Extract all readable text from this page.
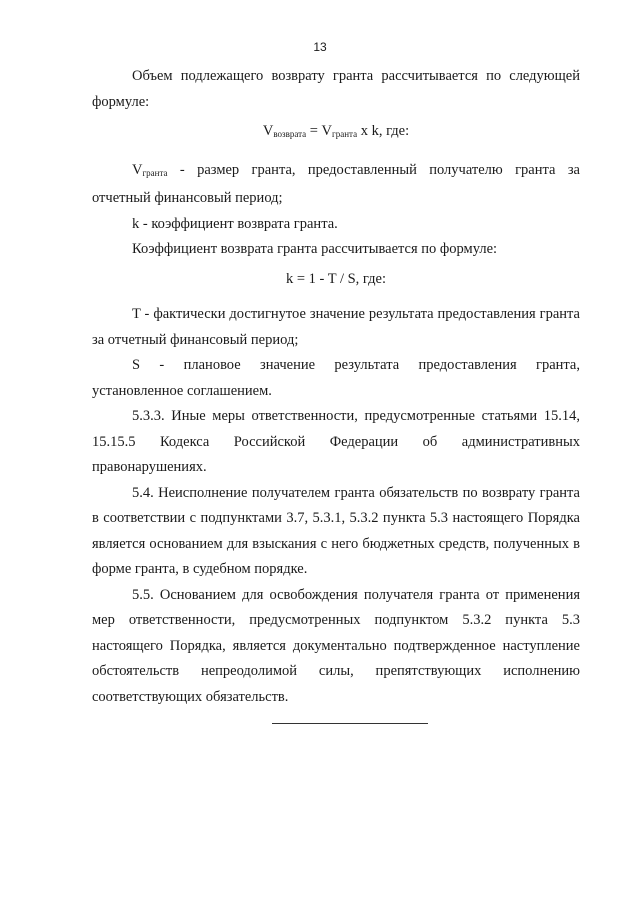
13

Объем подлежащего возврату гранта рассчитывается по следующей формуле:

$V_{возврата} = V_{гранта}$ x k, где:

$V_{гранта}$ - размер гранта, предоставленный получателю гранта за отчетный финансовый период;

k - коэффициент возврата гранта.

Коэффициент возврата гранта рассчитывается по формуле:

k = 1 - T / S, где:

T - фактически достигнутое значение результата предоставления гранта за отчетный финансовый период;

S - плановое значение результата предоставления гранта, установленное соглашением.

5.3.3. Иные меры ответственности, предусмотренные статьями 15.14, 15.15.5 Кодекса Российской Федерации об административных правонарушениях.

5.4. Неисполнение получателем гранта обязательств по возврату гранта в соответствии с подпунктами 3.7, 5.3.1, 5.3.2 пункта 5.3 настоящего Порядка является основанием для взыскания с него бюджетных средств, полученных в форме гранта, в судебном порядке.

5.5. Основанием для освобождения получателя гранта от применения мер ответственности, предусмотренных подпунктом 5.3.2 пункта 5.3 настоящего Порядка, является документально подтвержденное наступление обстоятельств непреодолимой силы, препятствующих исполнению соответствующих обязательств.
